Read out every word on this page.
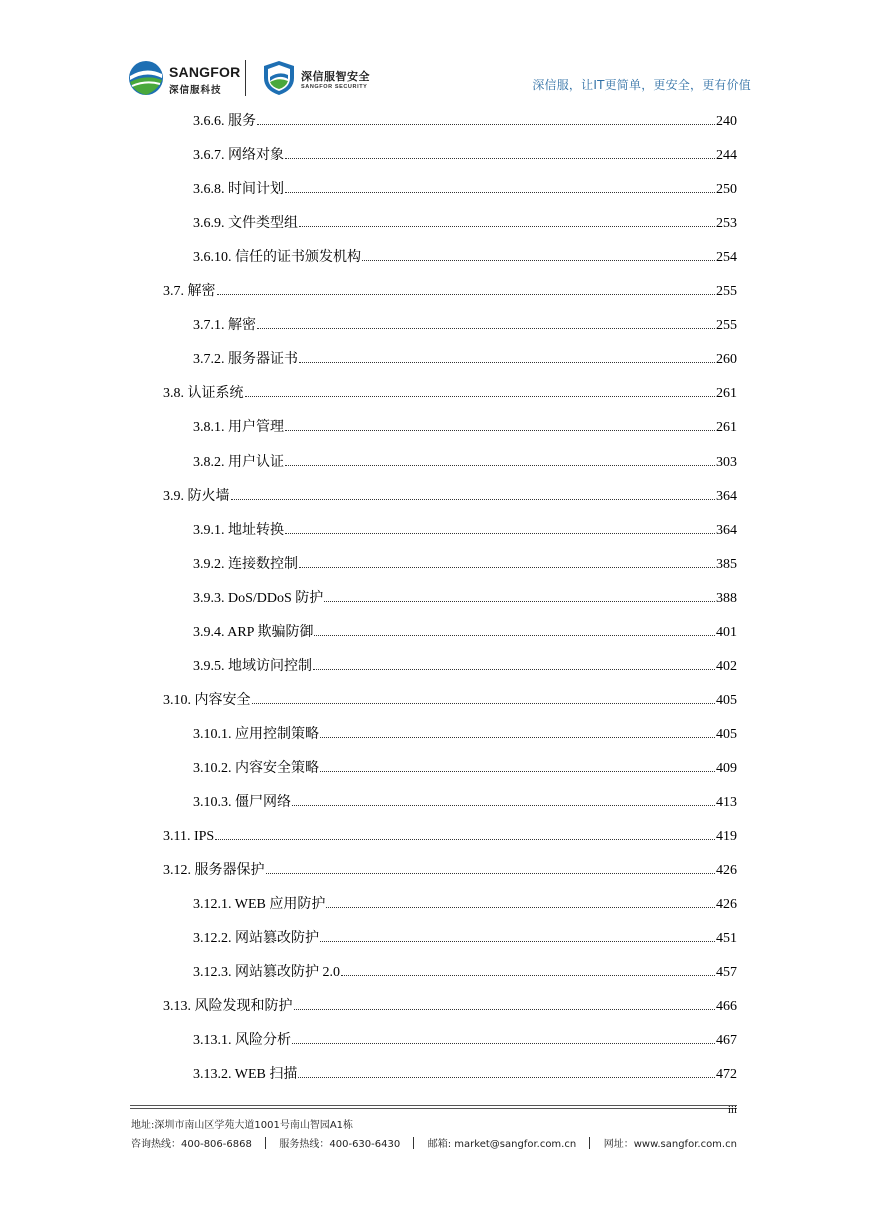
SANGFOR
深信服科技
深信服智安全
SANGFOR SECURITY	深信服，让IT更简单，更安全，更有价值
3.6.6. 服务	240
3.6.7. 网络对象	244
3.6.8. 时间计划	250
3.6.9. 文件类型组	253
3.6.10. 信任的证书颁发机构	254
3.7. 解密	255
3.7.1. 解密	255
3.7.2. 服务器证书	260
3.8. 认证系统	261
3.8.1. 用户管理	261
3.8.2. 用户认证	303
3.9. 防火墙	364
3.9.1. 地址转换	364
3.9.2. 连接数控制	385
3.9.3. DoS/DDoS 防护	388
3.9.4. ARP 欺骗防御	401
3.9.5. 地域访问控制	402
3.10. 内容安全	405
3.10.1. 应用控制策略	405
3.10.2. 内容安全策略	409
3.10.3. 僵尸网络	413
3.11. IPS	419
3.12. 服务器保护	426
3.12.1. WEB 应用防护	426
3.12.2. 网站篡改防护	451
3.12.3. 网站篡改防护 2.0	457
3.13. 风险发现和防护	466
3.13.1. 风险分析	467
3.13.2. WEB 扫描	472
iii
地址:深圳市南山区学苑大道1001号南山智园A1栋
咨询热线：400-806-6868	服务热线：400-630-6430	邮箱: market@sangfor.com.cn	网址：www.sangfor.com.cn
